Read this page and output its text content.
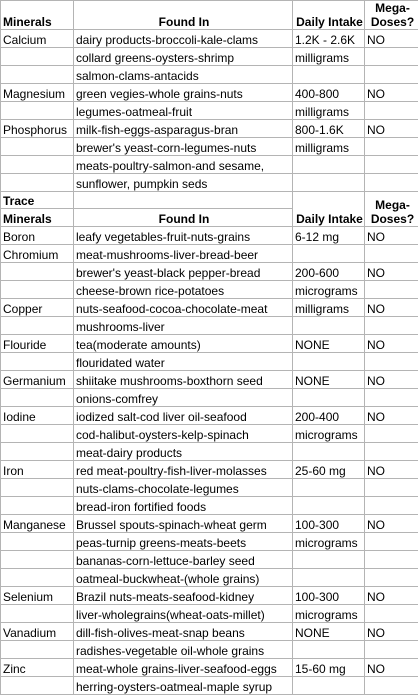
Minerals	Found In	Daily Intake	Mega-Doses?
Calcium	dairy products-broccoli-kale-clams	1.2K - 2.6K	NO
	collard greens-oysters-shrimp	milligrams	
	salmon-clams-antacids		
Magnesium	green vegies-whole grains-nuts	400-800	NO
	legumes-oatmeal-fruit	milligrams	
Phosphorus	milk-fish-eggs-asparagus-bran	800-1.6K	NO
	brewer's yeast-corn-legumes-nuts	milligrams	
	meats-poultry-salmon-and sesame,		
	sunflower, pumpkin seds		
Trace		Daily Intake	Mega-Doses?
Minerals	Found In		
Boron	leafy vegetables-fruit-nuts-grains	6-12 mg	NO
Chromium	meat-mushrooms-liver-bread-beer		
	brewer's yeast-black pepper-bread	200-600	NO
	cheese-brown rice-potatoes	micrograms	
Copper	nuts-seafood-cocoa-chocolate-meat	milligrams	NO
	mushrooms-liver		
Flouride	tea(moderate amounts)	NONE	NO
	flouridated water		
Germanium	shiitake mushrooms-boxthorn seed	NONE	NO
	onions-comfrey		
Iodine	iodized salt-cod liver oil-seafood	200-400	NO
	cod-halibut-oysters-kelp-spinach	micrograms	
	meat-dairy products		
Iron	red meat-poultry-fish-liver-molasses	25-60 mg	NO
	nuts-clams-chocolate-legumes		
	bread-iron fortified foods		
Manganese	Brussel spouts-spinach-wheat germ	100-300	NO
	peas-turnip greens-meats-beets	micrograms	
	bananas-corn-lettuce-barley seed		
	oatmeal-buckwheat-(whole grains)		
Selenium	Brazil nuts-meats-seafood-kidney	100-300	NO
	liver-wholegrains(wheat-oats-millet)	micrograms	
Vanadium	dill-fish-olives-meat-snap beans	NONE	NO
	radishes-vegetable oil-whole grains		
Zinc	meat-whole grains-liver-seafood-eggs	15-60 mg	NO
	herring-oysters-oatmeal-maple syrup		
